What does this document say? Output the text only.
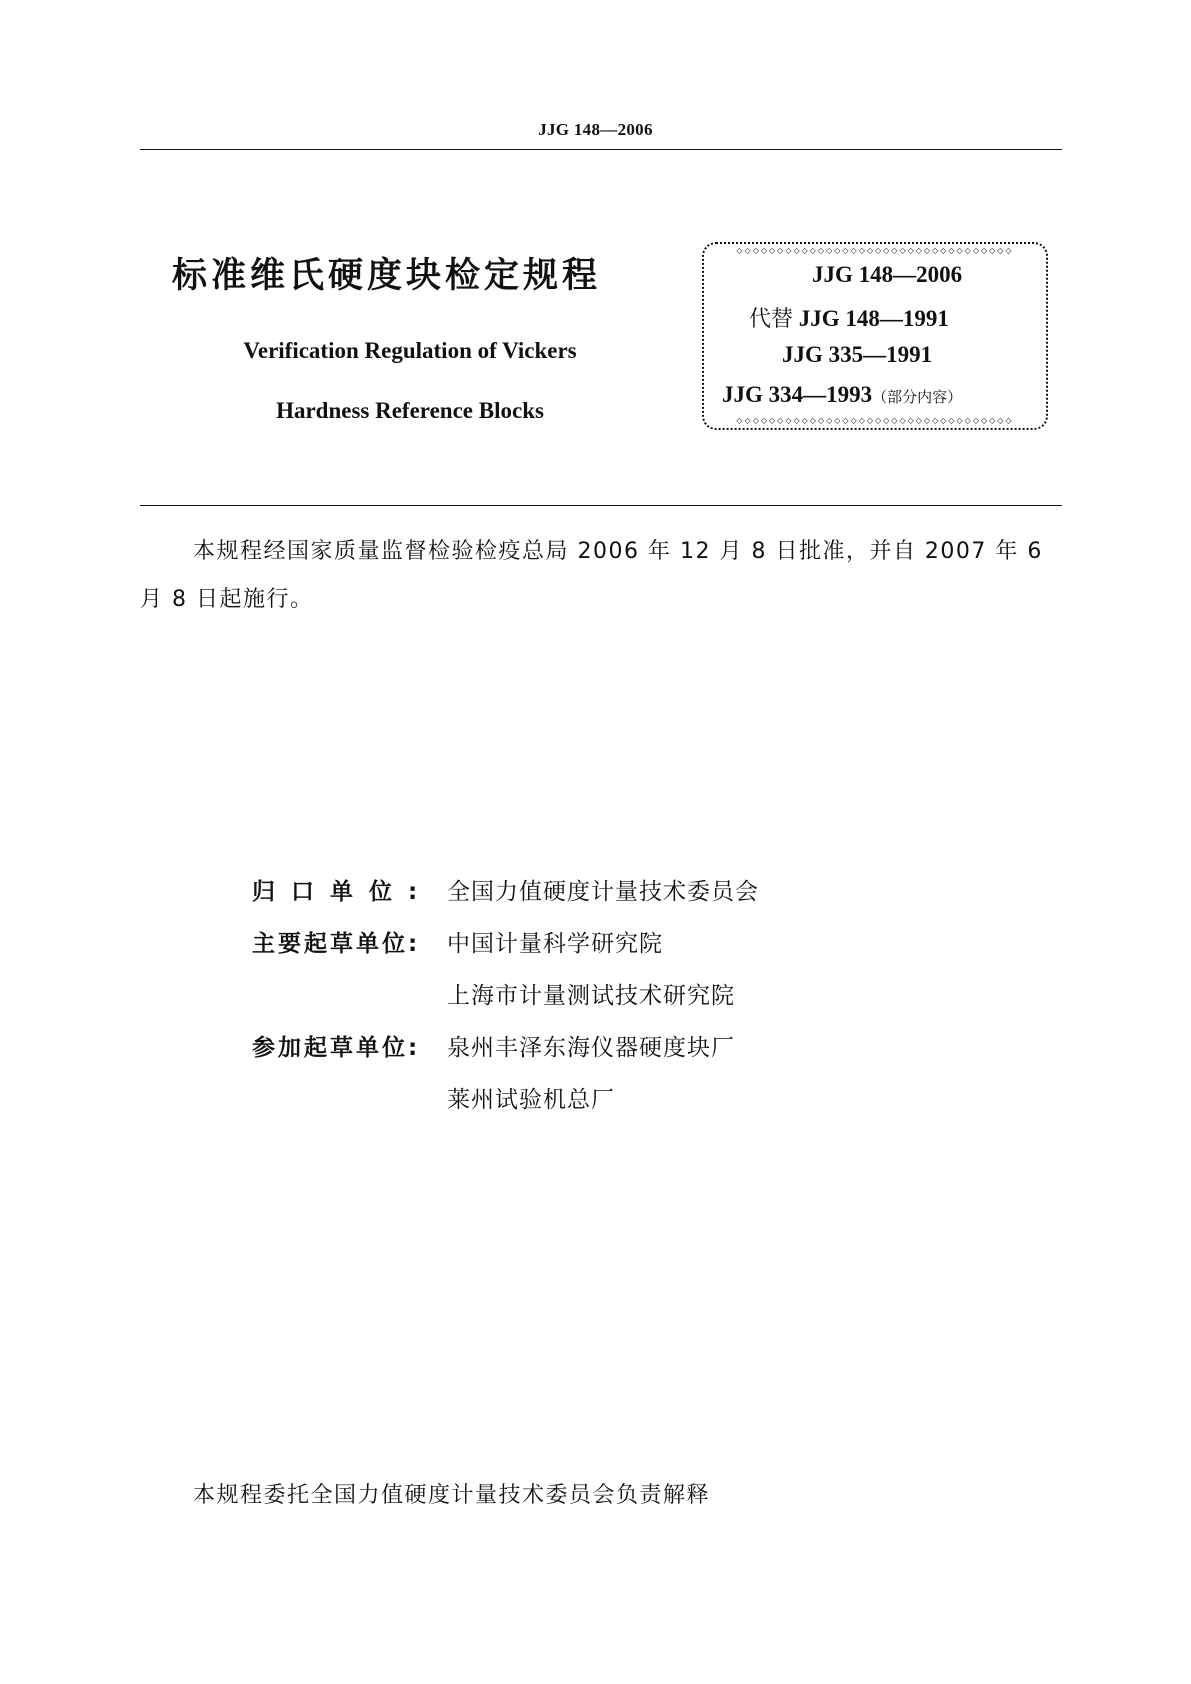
JJG 148—2006
标准维氏硬度块检定规程
Verification Regulation of Vickers
Hardness Reference Blocks
◇◇◇◇◇◇◇◇◇◇◇◇◇◇◇◇◇◇◇◇◇◇◇◇◇◇◇◇◇◇◇◇◇◇
JJG 148—2006
代替 JJG 148—1991
JJG 335—1991
JJG 334—1993（部分内容）
◇◇◇◇◇◇◇◇◇◇◇◇◇◇◇◇◇◇◇◇◇◇◇◇◇◇◇◇◇◇◇◇◇◇
本规程经国家质量监督检验检疫总局 2006 年 12 月 8 日批准，并自 2007 年 6 月 8 日起施行。
归口单位: 全国力值硬度计量技术委员会
主要起草单位: 中国计量科学研究院
上海市计量测试技术研究院
参加起草单位: 泉州丰泽东海仪器硬度块厂
莱州试验机总厂
本规程委托全国力值硬度计量技术委员会负责解释
